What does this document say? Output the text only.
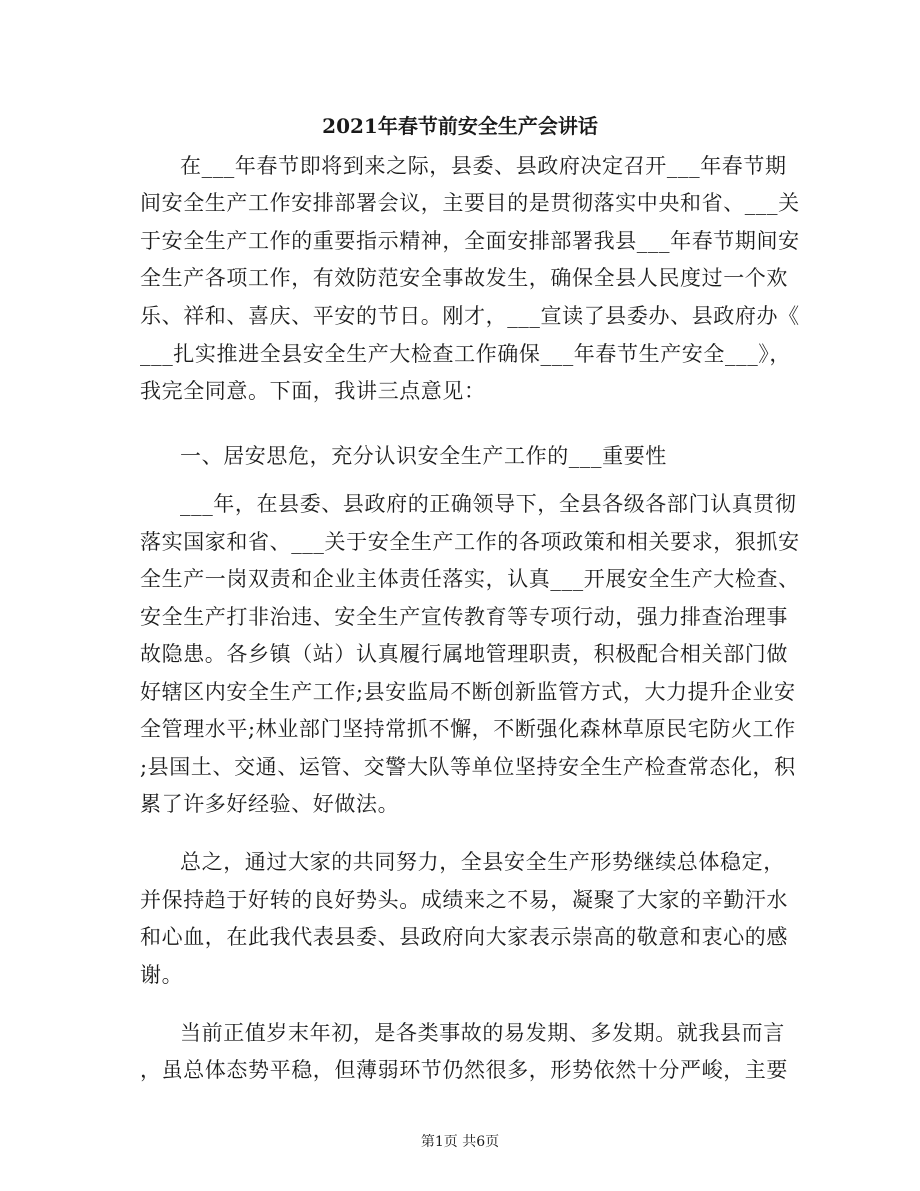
2021年春节前安全生产会讲话
在___年春节即将到来之际，县委、县政府决定召开___年春节期
间安全生产工作安排部署会议，主要目的是贯彻落实中央和省、___关
于安全生产工作的重要指示精神，全面安排部署我县___年春节期间安
全生产各项工作，有效防范安全事故发生，确保全县人民度过一个欢
乐、祥和、喜庆、平安的节日。刚才，___宣读了县委办、县政府办《
___扎实推进全县安全生产大检查工作确保___年春节生产安全___》，
我完全同意。下面，我讲三点意见：
一、居安思危，充分认识安全生产工作的___重要性
___年，在县委、县政府的正确领导下，全县各级各部门认真贯彻
落实国家和省、___关于安全生产工作的各项政策和相关要求，狠抓安
全生产一岗双责和企业主体责任落实，认真___开展安全生产大检查、
安全生产打非治违、安全生产宣传教育等专项行动，强力排查治理事
故隐患。各乡镇（站）认真履行属地管理职责，积极配合相关部门做
好辖区内安全生产工作;县安监局不断创新监管方式，大力提升企业安
全管理水平;林业部门坚持常抓不懈，不断强化森林草原民宅防火工作
;县国土、交通、运管、交警大队等单位坚持安全生产检查常态化，积
累了许多好经验、好做法。
总之，通过大家的共同努力，全县安全生产形势继续总体稳定，
并保持趋于好转的良好势头。成绩来之不易，凝聚了大家的辛勤汗水
和心血，在此我代表县委、县政府向大家表示崇高的敬意和衷心的感
谢。
当前正值岁末年初，是各类事故的易发期、多发期。就我县而言
，虽总体态势平稳，但薄弱环节仍然很多，形势依然十分严峻，主要
第1页 共6页
